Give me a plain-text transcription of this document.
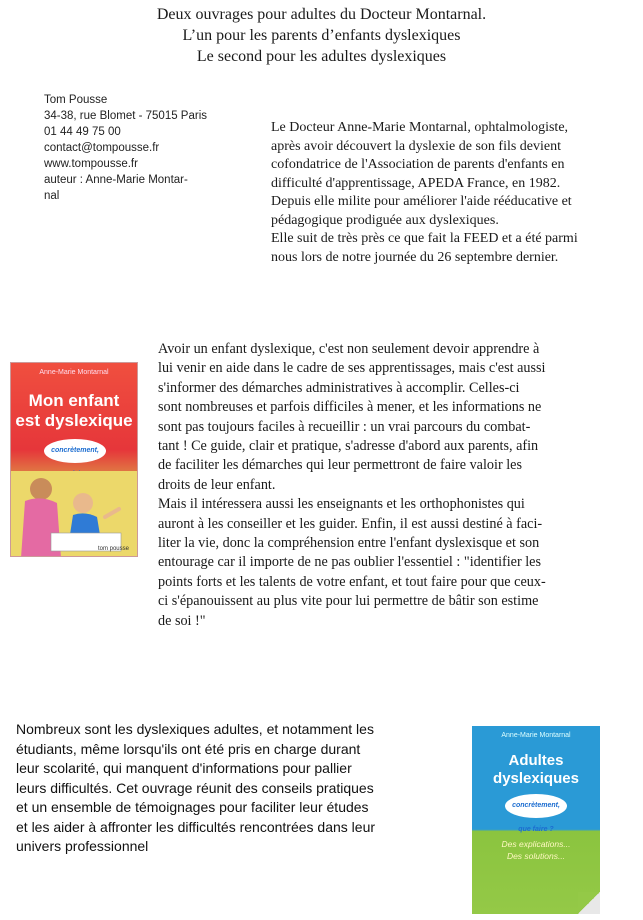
Deux ouvrages pour adultes du Docteur Montarnal.
L’un pour les parents d’enfants dyslexiques
Le second pour les adultes dyslexiques
Tom Pousse
34-38, rue Blomet - 75015 Paris
01 44 49 75 00
contact@tompousse.fr
www.tompousse.fr
auteur : Anne-Marie Montar-
nal
Le Docteur Anne-Marie Montarnal, ophtalmologiste,
après avoir découvert la dyslexie de son fils devient
cofondatrice de l'Association de parents d'enfants en
difficulté d'apprentissage, APEDA France, en 1982.
Depuis elle milite pour améliorer l'aide rééducative et
pédagogique prodiguée aux dyslexiques.
Elle suit de très près ce que fait la FEED et a été parmi
nous lors de notre journée du 26 septembre dernier.
Anne-Marie Montarnal
Mon enfant
est dyslexique
concrètement,
tom pousse
Avoir un enfant dyslexique, c'est non seulement devoir apprendre à
lui venir en aide dans le cadre de ses apprentissages, mais c'est aussi
s'informer des démarches administratives à accomplir. Celles-ci
sont nombreuses et parfois difficiles à mener, et les informations ne
sont pas toujours faciles à recueillir : un vrai parcours du combat-
tant ! Ce guide, clair et pratique, s'adresse d'abord aux parents, afin
de faciliter les démarches qui leur permettront de faire valoir les
droits de leur enfant.
Mais il intéressera aussi les enseignants et les orthophonistes qui
auront à les conseiller et les guider. Enfin, il est aussi destiné à faci-
liter la vie, donc la compréhension entre l'enfant dyslexisque et son
entourage car il importe de ne pas oublier l'essentiel : "identifier les
points forts et les talents de votre enfant, et tout faire pour que ceux-
ci s'épanouissent au plus vite pour lui permettre de bâtir son estime
de soi !"
Nombreux sont les dyslexiques adultes, et notamment les
étudiants, même lorsqu'ils ont été pris en charge durant
leur scolarité, qui manquent d'informations pour pallier
leurs difficultés. Cet ouvrage réunit des conseils pratiques
et un ensemble de témoignages pour faciliter leur études
et les aider à affronter les difficultés rencontrées dans leur
univers professionnel
Anne-Marie Montarnal
Adultes
dyslexiques
concrètement, que faire ?
Des explications...
Des solutions...
